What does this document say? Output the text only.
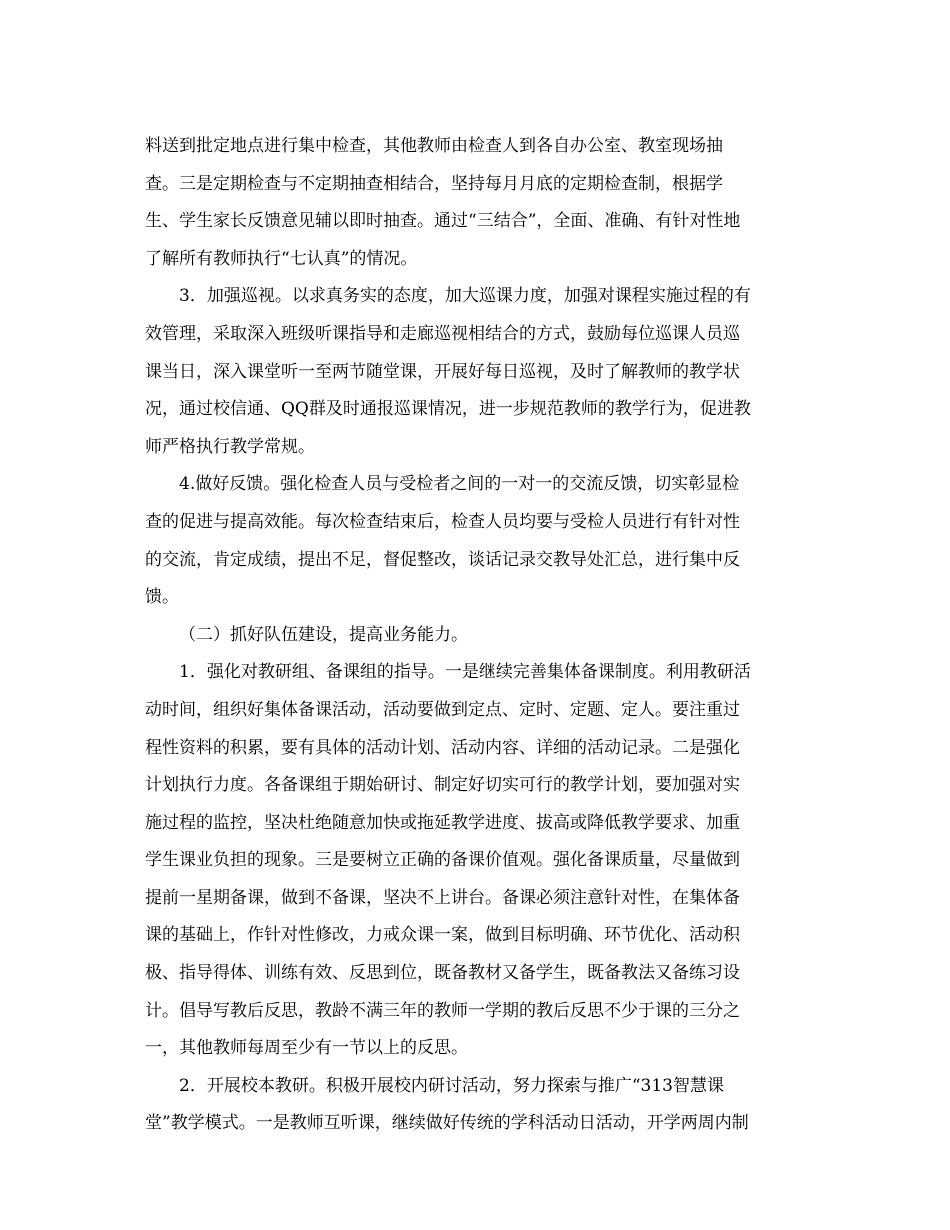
料送到批定地点进行集中检查，其他教师由检查人到各自办公室、教室现场抽
查。三是定期检查与不定期抽查相结合，坚持每月月底的定期检查制，根据学
生、学生家长反馈意见辅以即时抽查。通过“三结合”，全面、准确、有针对性地
了解所有教师执行“七认真”的情况。
3．加强巡视。以求真务实的态度，加大巡课力度，加强对课程实施过程的有
效管理，采取深入班级听课指导和走廊巡视相结合的方式，鼓励每位巡课人员巡
课当日，深入课堂听一至两节随堂课，开展好每日巡视，及时了解教师的教学状
况，通过校信通、QQ群及时通报巡课情况，进一步规范教师的教学行为，促进教
师严格执行教学常规。
4.做好反馈。强化检查人员与受检者之间的一对一的交流反馈，切实彰显检
查的促进与提高效能。每次检查结束后，检查人员均要与受检人员进行有针对性
的交流，肯定成绩，提出不足，督促整改，谈话记录交教导处汇总，进行集中反
馈。
（二）抓好队伍建设，提高业务能力。
1．强化对教研组、备课组的指导。一是继续完善集体备课制度。利用教研活
动时间，组织好集体备课活动，活动要做到定点、定时、定题、定人。要注重过
程性资料的积累，要有具体的活动计划、活动内容、详细的活动记录。二是强化
计划执行力度。各备课组于期始研讨、制定好切实可行的教学计划，要加强对实
施过程的监控，坚决杜绝随意加快或拖延教学进度、拔高或降低教学要求、加重
学生课业负担的现象。三是要树立正确的备课价值观。强化备课质量，尽量做到
提前一星期备课，做到不备课，坚决不上讲台。备课必须注意针对性，在集体备
课的基础上，作针对性修改，力戒众课一案，做到目标明确、环节优化、活动积
极、指导得体、训练有效、反思到位，既备教材又备学生，既备教法又备练习设
计。倡导写教后反思，教龄不满三年的教师一学期的教后反思不少于课的三分之
一，其他教师每周至少有一节以上的反思。
2．开展校本教研。积极开展校内研讨活动，努力探索与推广“313智慧课
堂”教学模式。一是教师互听课，继续做好传统的学科活动日活动，开学两周内制
